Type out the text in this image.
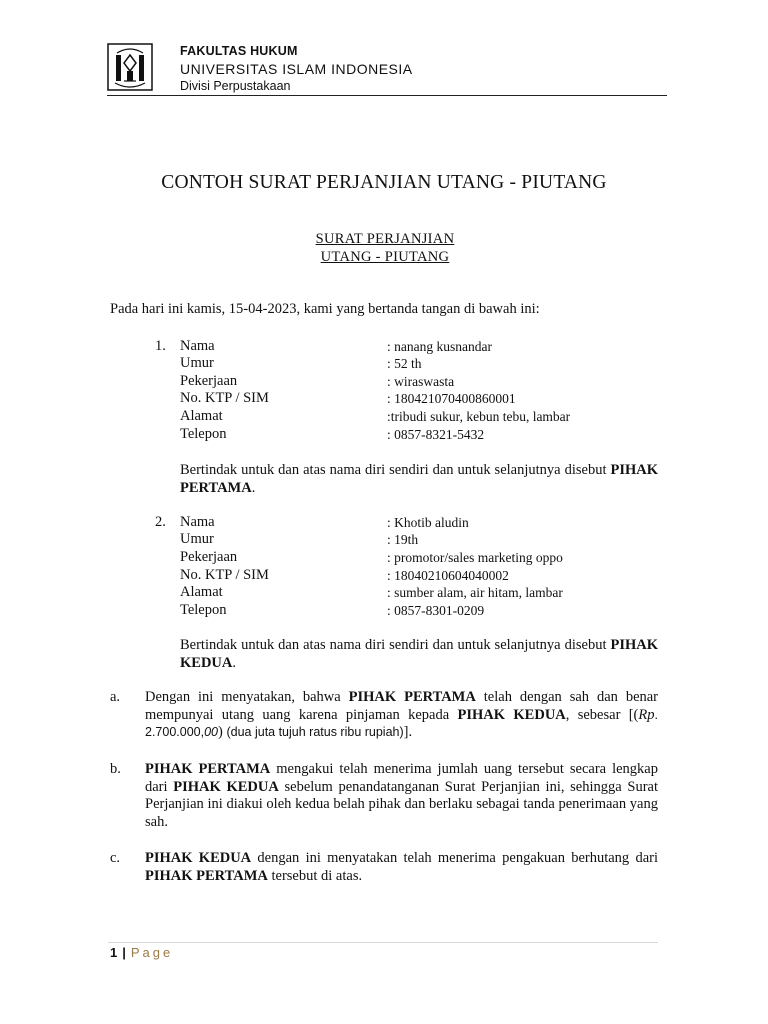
FAKULTAS HUKUM
UNIVERSITAS ISLAM INDONESIA
Divisi Perpustakaan
CONTOH SURAT PERJANJIAN UTANG - PIUTANG
SURAT PERJANJIAN
UTANG - PIUTANG
Pada hari ini kamis, 15-04-2023, kami yang bertanda tangan di bawah ini:
1. Nama	: nanang kusnandar
Umur	: 52 th
Pekerjaan	: wiraswasta
No. KTP / SIM	: 180421070400860001
Alamat	:tribudi sukur, kebun tebu, lambar
Telepon	: 0857-8321-5432
Bertindak untuk dan atas nama diri sendiri dan untuk selanjutnya disebut PIHAK PERTAMA.
2. Nama	: Khotib aludin
Umur	: 19th
Pekerjaan	: promotor/sales marketing oppo
No. KTP / SIM	: 18040210604040002
Alamat	: sumber alam, air hitam, lambar
Telepon	: 0857-8301-0209
Bertindak untuk dan atas nama diri sendiri dan untuk selanjutnya disebut PIHAK KEDUA.
a. Dengan ini menyatakan, bahwa PIHAK PERTAMA telah dengan sah dan benar mempunyai utang uang karena pinjaman kepada PIHAK KEDUA, sebesar [(Rp. 2.700.000,00) (dua juta tujuh ratus ribu rupiah)].
b. PIHAK PERTAMA mengakui telah menerima jumlah uang tersebut secara lengkap dari PIHAK KEDUA sebelum penandatanganan Surat Perjanjian ini, sehingga Surat Perjanjian ini diakui oleh kedua belah pihak dan berlaku sebagai tanda penerimaan yang sah.
c. PIHAK KEDUA dengan ini menyatakan telah menerima pengakuan berhutang dari PIHAK PERTAMA tersebut di atas.
1 | Page
